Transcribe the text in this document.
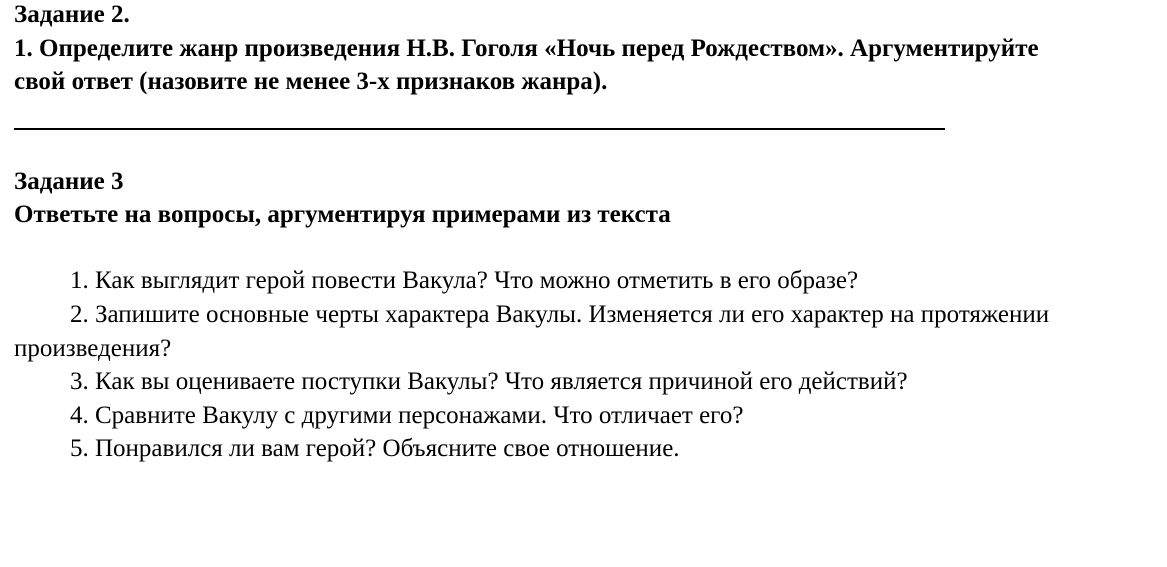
Задание 2.
1. Определите жанр произведения Н.В. Гоголя «Ночь перед Рождеством». Аргументируйте
свой ответ (назовите не менее 3-х признаков жанра).
Задание 3
Ответьте на вопросы, аргументируя примерами из текста
1. Как выглядит герой повести Вакула? Что можно отметить в его образе?
2. Запишите основные черты характера Вакулы. Изменяется ли его характер на протяжении
произведения?
3. Как вы оцениваете поступки Вакулы? Что является причиной его действий?
4. Сравните Вакулу с другими персонажами. Что отличает его?
5. Понравился ли вам герой? Объясните свое отношение.
